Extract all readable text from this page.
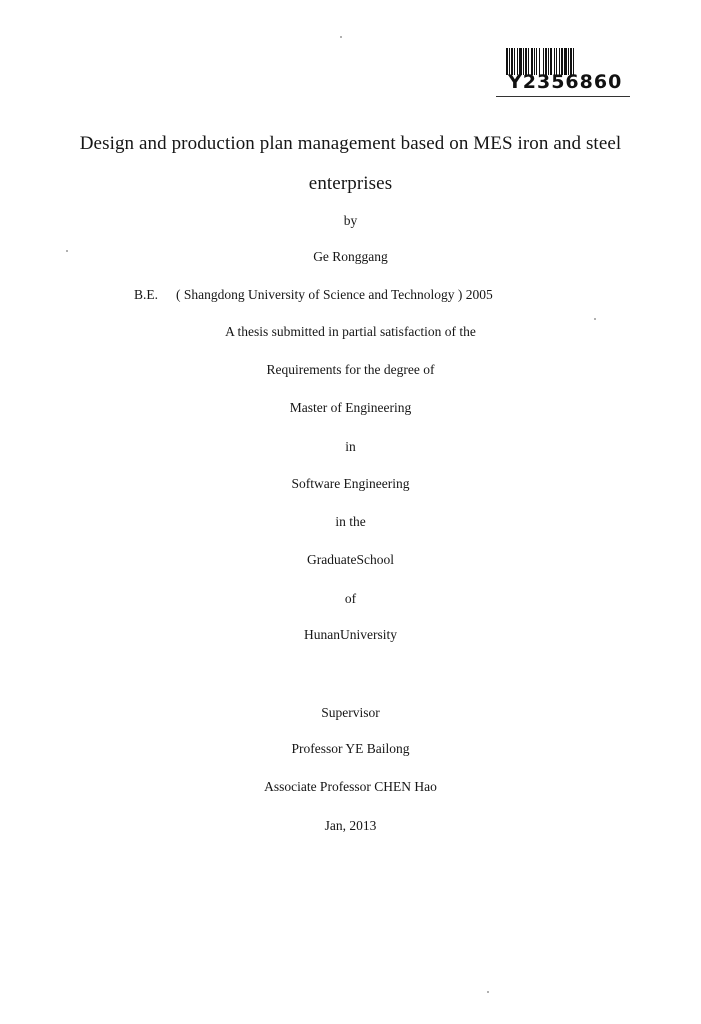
Y2356860
Design and production plan management based on MES iron and steel
enterprises
by
Ge Ronggang
B.E. ( Shangdong University of Science and Technology ) 2005
A thesis submitted in partial satisfaction of the
Requirements for the degree of
Master of Engineering
in
Software Engineering
in the
GraduateSchool
of
HunanUniversity
Supervisor
Professor YE Bailong
Associate Professor CHEN Hao
Jan, 2013
